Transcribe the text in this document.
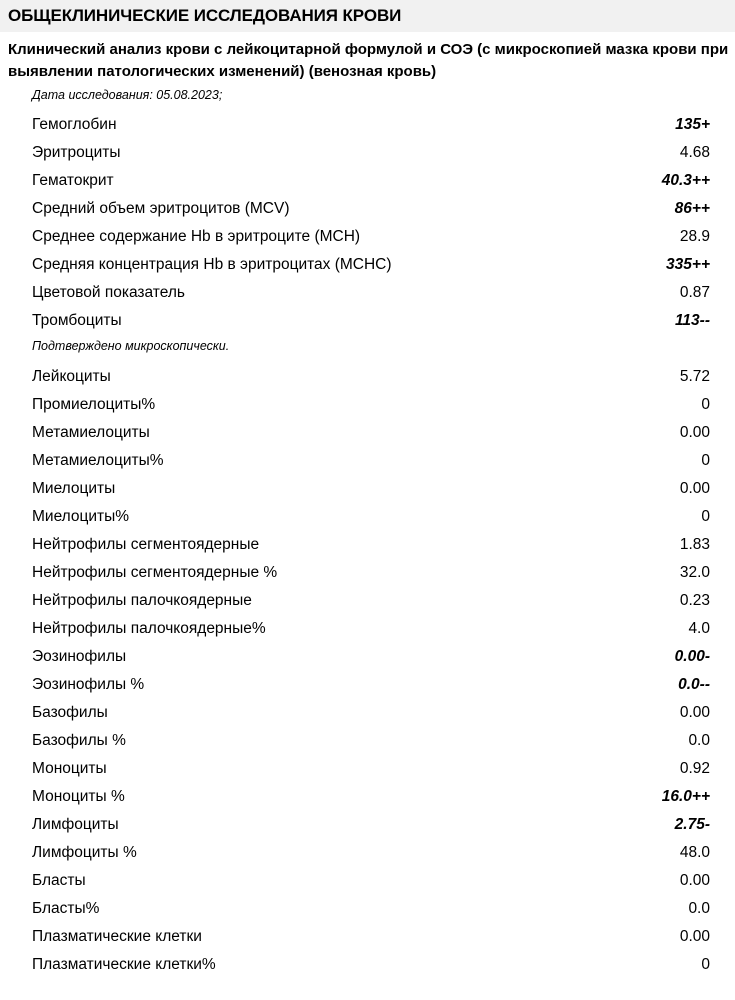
ОБЩЕКЛИНИЧЕСКИЕ ИССЛЕДОВАНИЯ КРОВИ
Клинический анализ крови с лейкоцитарной формулой и СОЭ (с микроскопией мазка крови при выявлении патологических изменений) (венозная кровь)
Дата исследования: 05.08.2023;
Гемоглобин	135+
Эритроциты	4.68
Гематокрит	40.3++
Средний объем эритроцитов (MCV)	86++
Среднее содержание Hb в эритроците (MCH)	28.9
Средняя концентрация Hb в эритроцитах (MCHC)	335++
Цветовой показатель	0.87
Тромбоциты	113--
Подтверждено микроскопически.
Лейкоциты	5.72
Промиелоциты%	0
Метамиелоциты	0.00
Метамиелоциты%	0
Миелоциты	0.00
Миелоциты%	0
Нейтрофилы сегментоядерные	1.83
Нейтрофилы сегментоядерные %	32.0
Нейтрофилы палочкоядерные	0.23
Нейтрофилы палочкоядерные%	4.0
Эозинофилы	0.00-
Эозинофилы %	0.0--
Базофилы	0.00
Базофилы %	0.0
Моноциты	0.92
Моноциты %	16.0++
Лимфоциты	2.75-
Лимфоциты %	48.0
Бласты	0.00
Бласты%	0.0
Плазматические клетки	0.00
Плазматические клетки%	0
